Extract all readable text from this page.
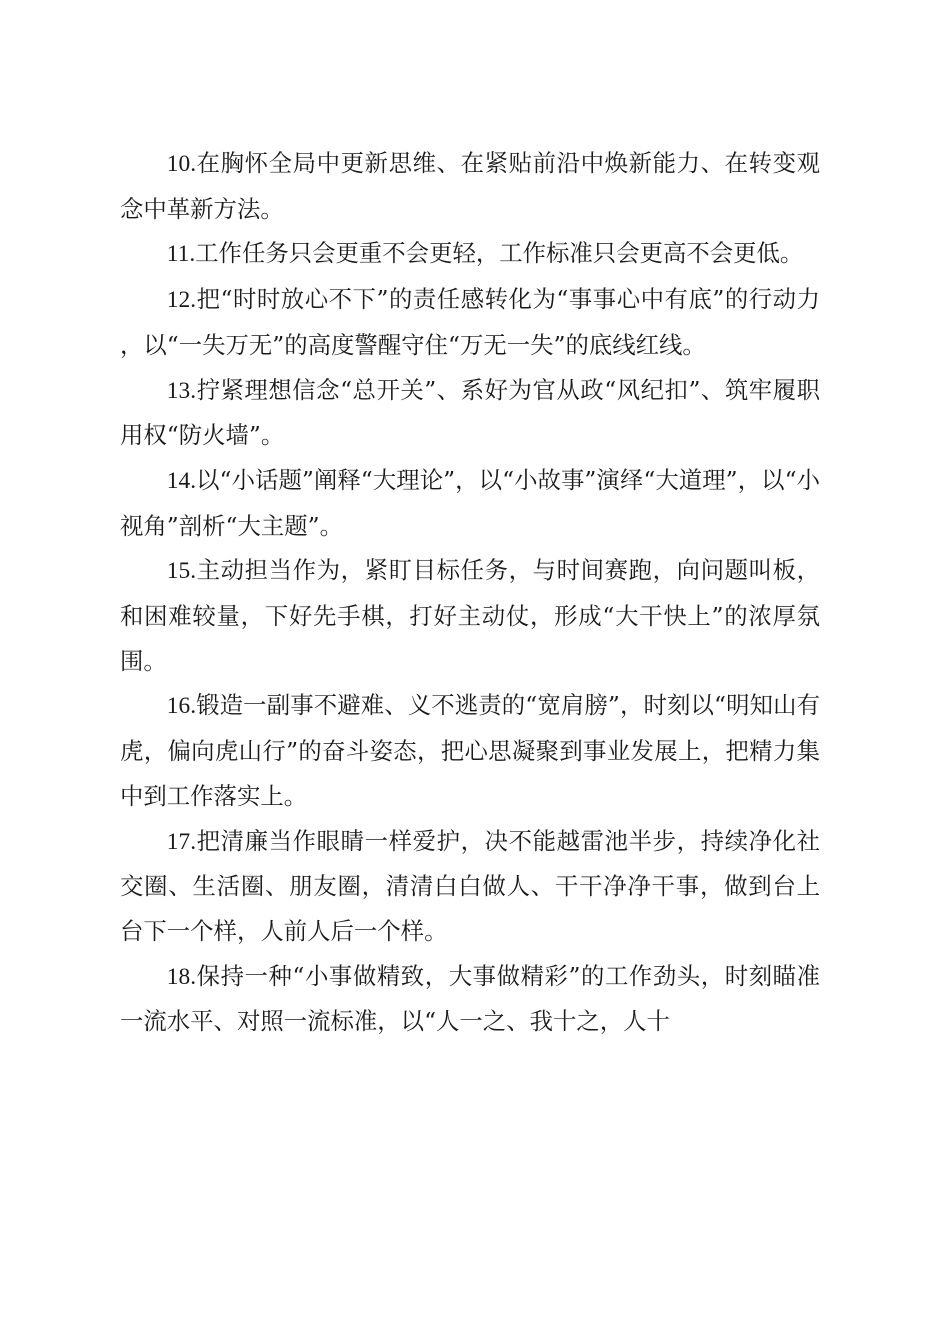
10.在胸怀全局中更新思维、在紧贴前沿中焕新能力、在转变观念中革新方法。

11.工作任务只会更重不会更轻，工作标准只会更高不会更低。

12.把“时时放心不下”的责任感转化为“事事心中有底”的行动力，以“一失万无”的高度警醒守住“万无一失”的底线红线。

13.拧紧理想信念“总开关”、系好为官从政“风纪扣”、筑牢履职用权“防火墙”。

14.以“小话题”阐释“大理论”，以“小故事”演绎“大道理”，以“小视角”剖析“大主题”。

15.主动担当作为，紧盯目标任务，与时间赛跑，向问题叫板，和困难较量，下好先手棋，打好主动仗，形成“大干快上”的浓厚氛围。

16.锻造一副事不避难、义不逃责的“宽肩膀”，时刻以“明知山有虎，偏向虎山行”的奋斗姿态，把心思凝聚到事业发展上，把精力集中到工作落实上。

17.把清廉当作眼睛一样爱护，决不能越雷池半步，持续净化社交圈、生活圈、朋友圈，清清白白做人、干干净净干事，做到台上台下一个样，人前人后一个样。

18.保持一种“小事做精致，大事做精彩”的工作劲头，时刻瞄准一流水平、对照一流标准，以“人一之、我十之，人十
